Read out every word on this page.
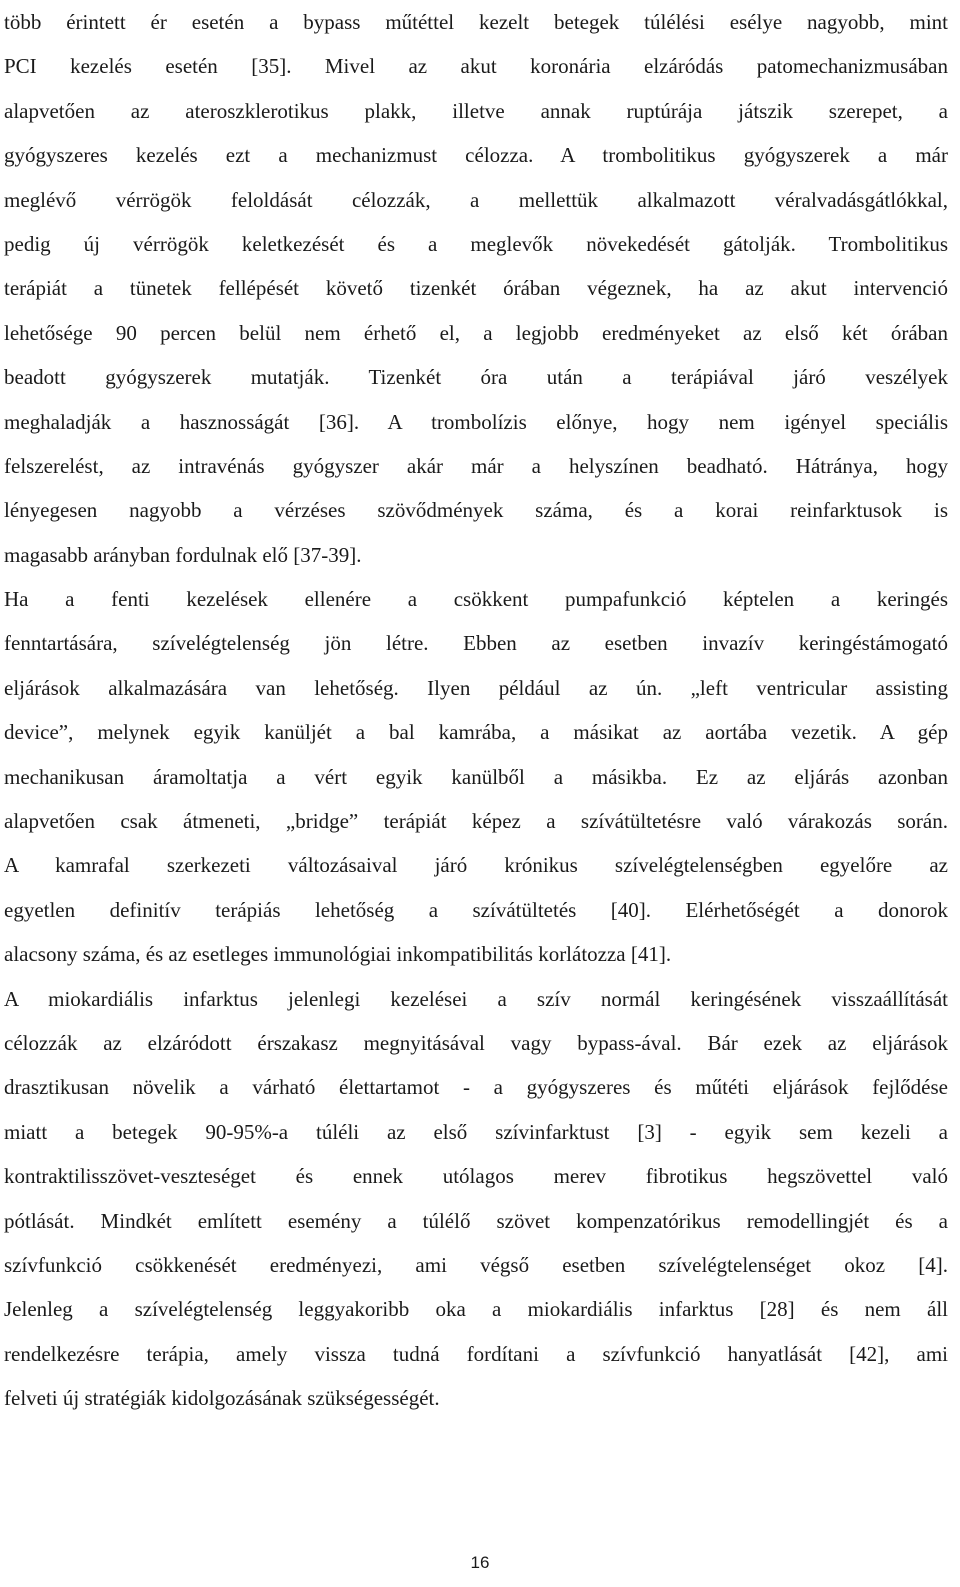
több érintett ér esetén a bypass műtéttel kezelt betegek túlélési esélye nagyobb, mint
PCI kezelés esetén [35]. Mivel az akut koronária elzáródás patomechanizmusában
alapvetően az ateroszklerotikus plakk, illetve annak ruptúrája játszik szerepet, a
gyógyszeres kezelés ezt a mechanizmust célozza. A trombolitikus gyógyszerek a már
meglévő vérrögök feloldását célozzák, a mellettük alkalmazott véralvadásgátlókkal,
pedig új vérrögök keletkezését és a meglevők növekedését gátolják. Trombolitikus
terápiát a tünetek fellépését követő tizenkét órában végeznek, ha az akut intervenció
lehetősége 90 percen belül nem érhető el, a legjobb eredményeket az első két órában
beadott gyógyszerek mutatják. Tizenkét óra után a terápiával járó veszélyek
meghaladják a hasznosságát [36]. A trombolízis előnye, hogy nem igényel speciális
felszerelést, az intravénás gyógyszer akár már a helyszínen beadható. Hátránya, hogy
lényegesen nagyobb a vérzéses szövődmények száma, és a korai reinfarktusok is
magasabb arányban fordulnak elő [37-39].
Ha a fenti kezelések ellenére a csökkent pumpafunkció képtelen a keringés
fenntartására, szívelégtelenség jön létre. Ebben az esetben invazív keringéstámogató
eljárások alkalmazására van lehetőség. Ilyen például az ún. „left ventricular assisting
device”, melynek egyik kanüljét a bal kamrába, a másikat az aortába vezetik. A gép
mechanikusan áramoltatja a vért egyik kanülből a másikba. Ez az eljárás azonban
alapvetően csak átmeneti, „bridge” terápiát képez a szívátültetésre való várakozás során.
A kamrafal szerkezeti változásaival járó krónikus szívelégtelenségben egyelőre az
egyetlen definitív terápiás lehetőség a szívátültetés [40]. Elérhetőségét a donorok
alacsony száma, és az esetleges immunológiai inkompatibilitás korlátozza [41].
A miokardiális infarktus jelenlegi kezelései a szív normál keringésének visszaállítását
célozzák az elzáródott érszakasz megnyitásával vagy bypass-ával. Bár ezek az eljárások
drasztikusan növelik a várható élettartamot - a gyógyszeres és műtéti eljárások fejlődése
miatt a betegek 90-95%-a túléli az első szívinfarktust [3] - egyik sem kezeli a
kontraktilisszövet-veszteséget és ennek utólagos merev fibrotikus hegszövettel való
pótlását. Mindkét említett esemény a túlélő szövet kompenzatórikus remodellingjét és a
szívfunkció csökkenését eredményezi, ami végső esetben szívelégtelenséget okoz [4].
Jelenleg a szívelégtelenség leggyakoribb oka a miokardiális infarktus [28] és nem áll
rendelkezésre terápia, amely vissza tudná fordítani a szívfunkció hanyatlását [42], ami
felveti új stratégiák kidolgozásának szükségességét.
16
